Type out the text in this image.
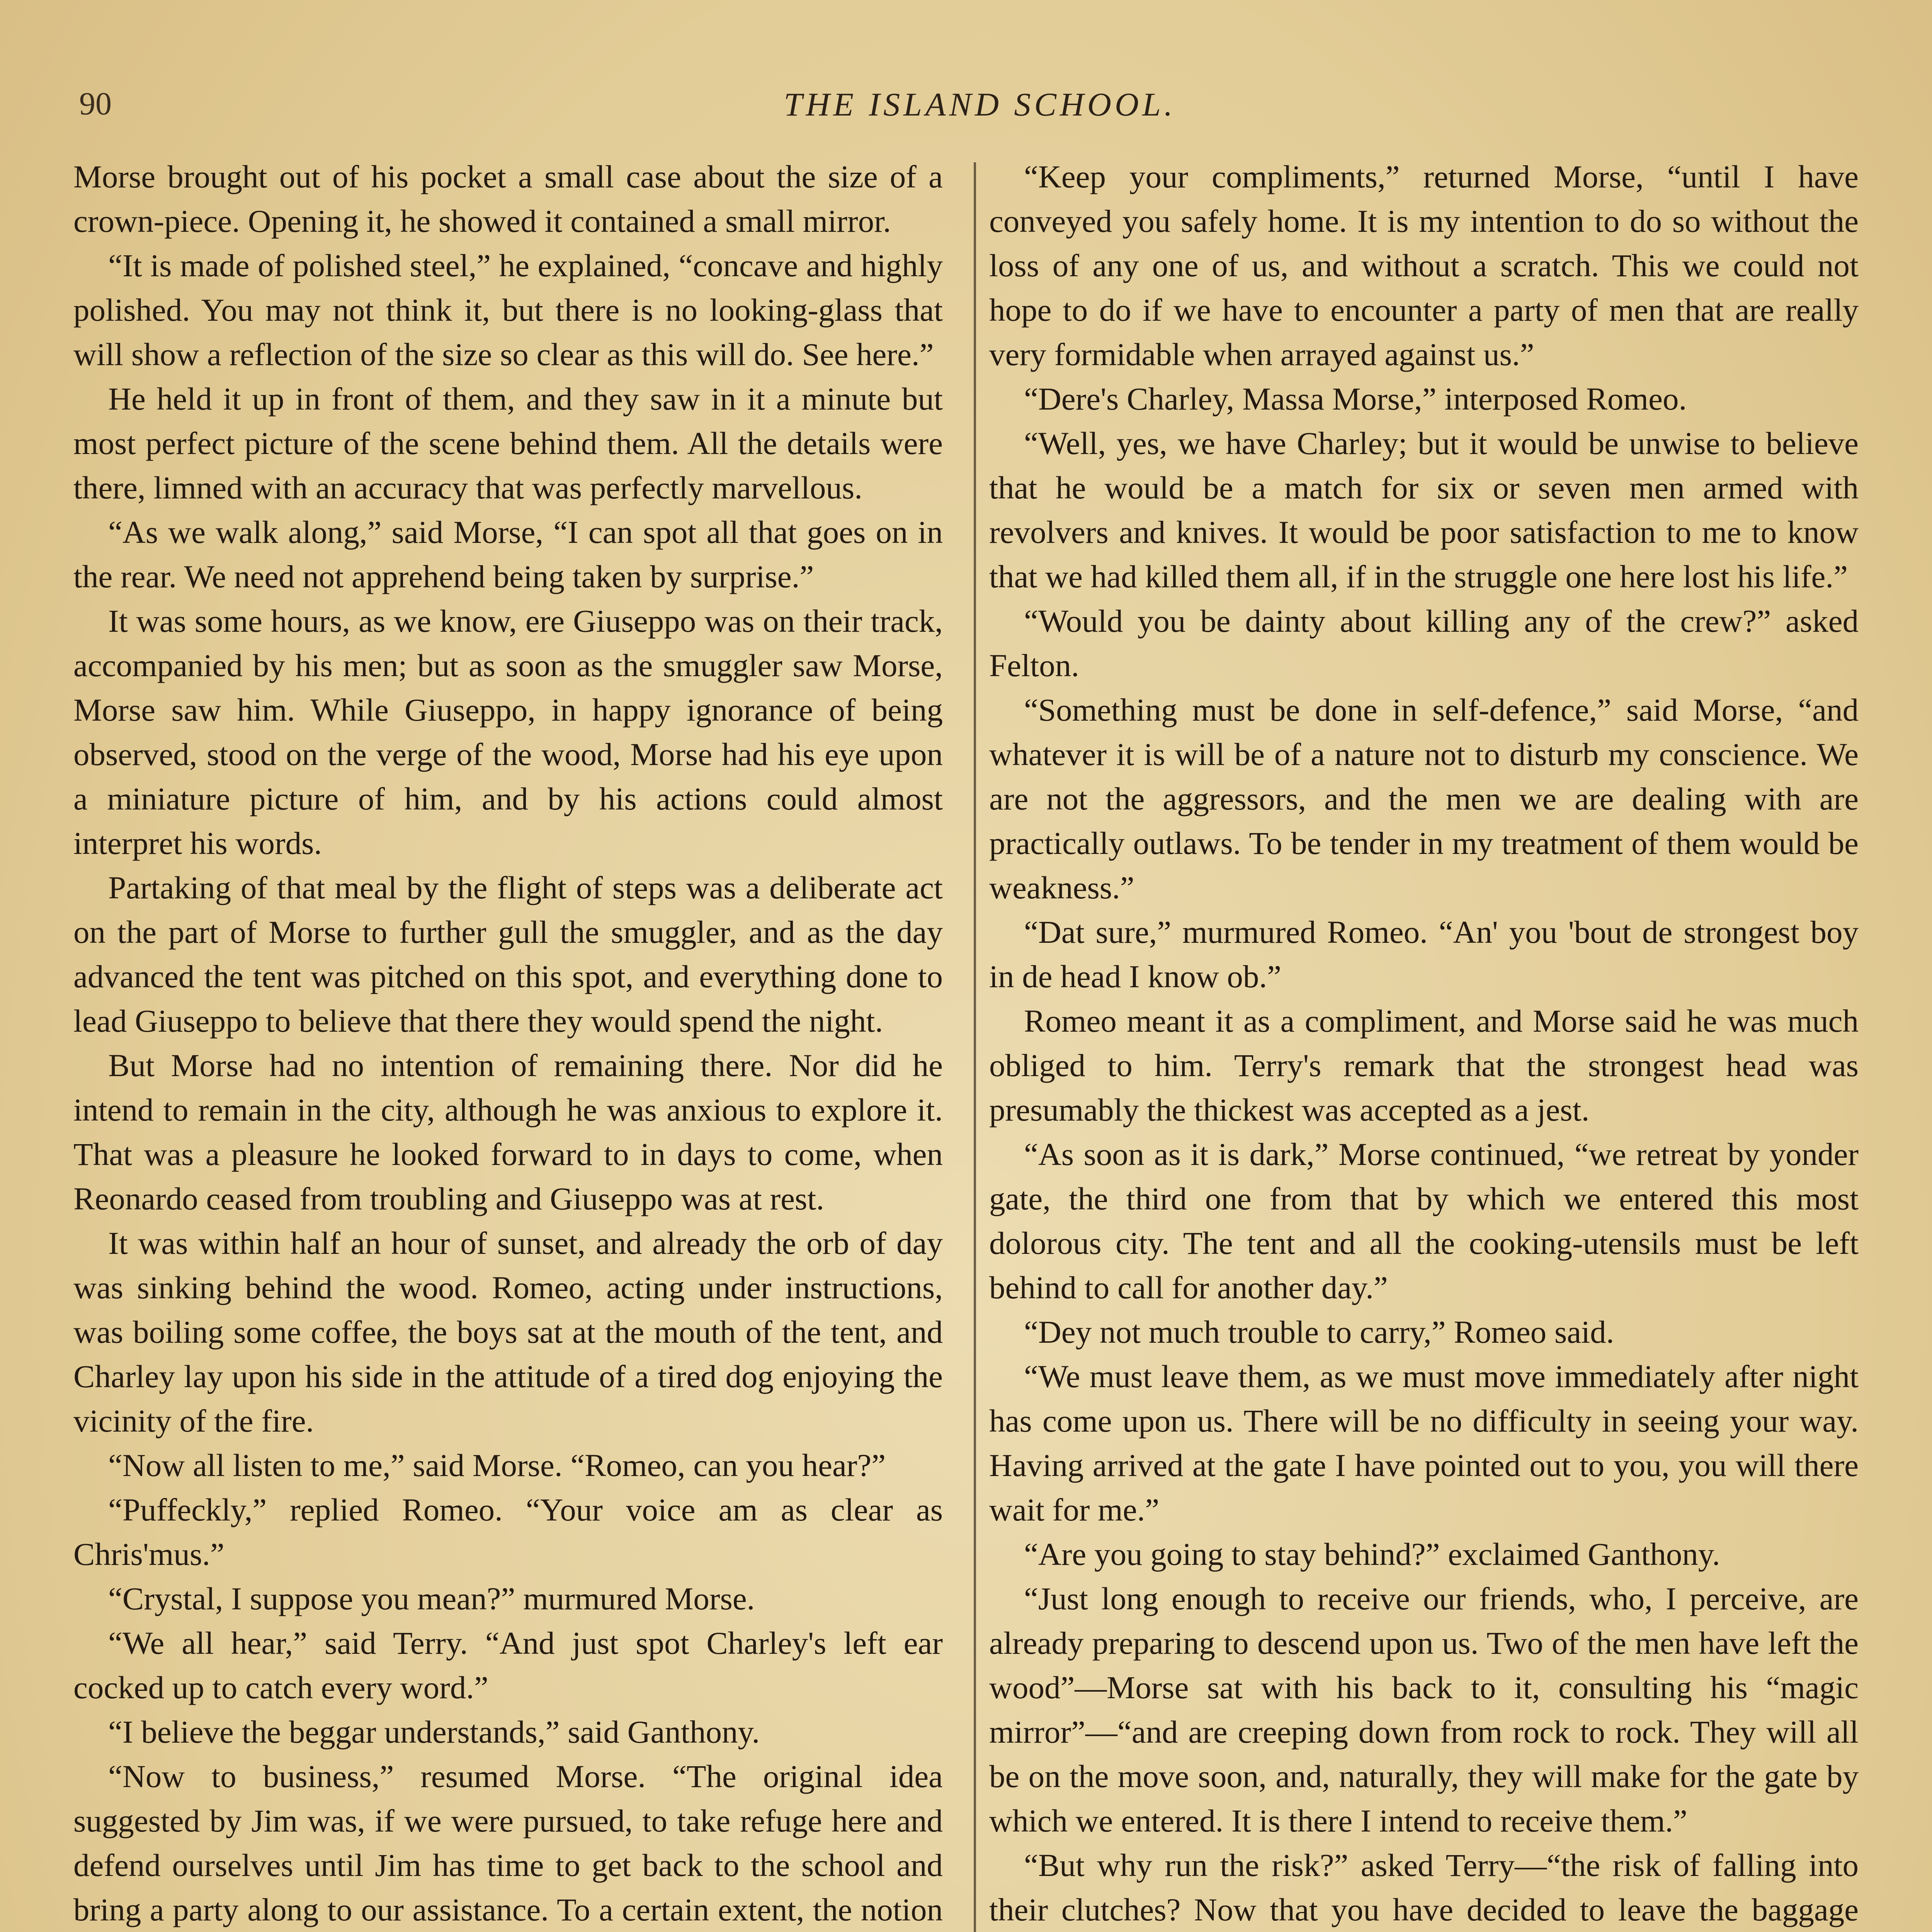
90	THE ISLAND SCHOOL.

Morse brought out of his pocket a small case about the size of a crown-piece. Opening it, he showed it contained a small mirror.

“It is made of polished steel,” he explained, “concave and highly polished. You may not think it, but there is no looking-glass that will show a reflection of the size so clear as this will do. See here.”

He held it up in front of them, and they saw in it a minute but most perfect picture of the scene behind them. All the details were there, limned with an accuracy that was perfectly marvellous.

“As we walk along,” said Morse, “I can spot all that goes on in the rear. We need not apprehend being taken by surprise.”

It was some hours, as we know, ere Giuseppo was on their track, accompanied by his men; but as soon as the smuggler saw Morse, Morse saw him. While Giuseppo, in happy ignorance of being observed, stood on the verge of the wood, Morse had his eye upon a miniature picture of him, and by his actions could almost interpret his words.

Partaking of that meal by the flight of steps was a deliberate act on the part of Morse to further gull the smuggler, and as the day advanced the tent was pitched on this spot, and everything done to lead Giuseppo to believe that there they would spend the night.

But Morse had no intention of remaining there. Nor did he intend to remain in the city, although he was anxious to explore it. That was a pleasure he looked forward to in days to come, when Reonardo ceased from troubling and Giuseppo was at rest.

It was within half an hour of sunset, and already the orb of day was sinking behind the wood. Romeo, acting under instructions, was boiling some coffee, the boys sat at the mouth of the tent, and Charley lay upon his side in the attitude of a tired dog enjoying the vicinity of the fire.

“Now all listen to me,” said Morse. “Romeo, can you hear?”

“Puffeckly,” replied Romeo. “Your voice am as clear as Chris'mus.”

“Crystal, I suppose you mean?” murmured Morse.

“We all hear,” said Terry. “And just spot Charley's left ear cocked up to catch every word.”

“I believe the beggar understands,” said Ganthony.

“Now to business,” resumed Morse. “The original idea suggested by Jim was, if we were pursued, to take refuge here and defend ourselves until Jim has time to get back to the school and bring a party along to our assistance. To a certain extent, the notion

“Keep your compliments,” returned Morse, “until I have conveyed you safely home. It is my intention to do so without the loss of any one of us, and without a scratch. This we could not hope to do if we have to encounter a party of men that are really very formidable when arrayed against us.”

“Dere's Charley, Massa Morse,” interposed Romeo.

“Well, yes, we have Charley; but it would be unwise to believe that he would be a match for six or seven men armed with revolvers and knives. It would be poor satisfaction to me to know that we had killed them all, if in the struggle one here lost his life.”

“Would you be dainty about killing any of the crew?” asked Felton.

“Something must be done in self-defence,” said Morse, “and whatever it is will be of a nature not to disturb my conscience. We are not the aggressors, and the men we are dealing with are practically outlaws. To be tender in my treatment of them would be weakness.”

“Dat sure,” murmured Romeo. “An' you 'bout de strongest boy in de head I know ob.”

Romeo meant it as a compliment, and Morse said he was much obliged to him. Terry's remark that the strongest head was presumably the thickest was accepted as a jest.

“As soon as it is dark,” Morse continued, “we retreat by yonder gate, the third one from that by which we entered this most dolorous city. The tent and all the cooking-utensils must be left behind to call for another day.”

“Dey not much trouble to carry,” Romeo said.

“We must leave them, as we must move immediately after night has come upon us. There will be no difficulty in seeing your way. Having arrived at the gate I have pointed out to you, you will there wait for me.”

“Are you going to stay behind?” exclaimed Ganthony.

“Just long enough to receive our friends, who, I perceive, are already preparing to descend upon us. Two of the men have left the wood”—Morse sat with his back to it, consulting his “magic mirror”—“and are creeping down from rock to rock. They will all be on the move soon, and, naturally, they will make for the gate by which we entered. It is there I intend to receive them.”

“But why run the risk?” asked Terry—“the risk of falling into their clutches? Now that you have decided to leave the baggage
